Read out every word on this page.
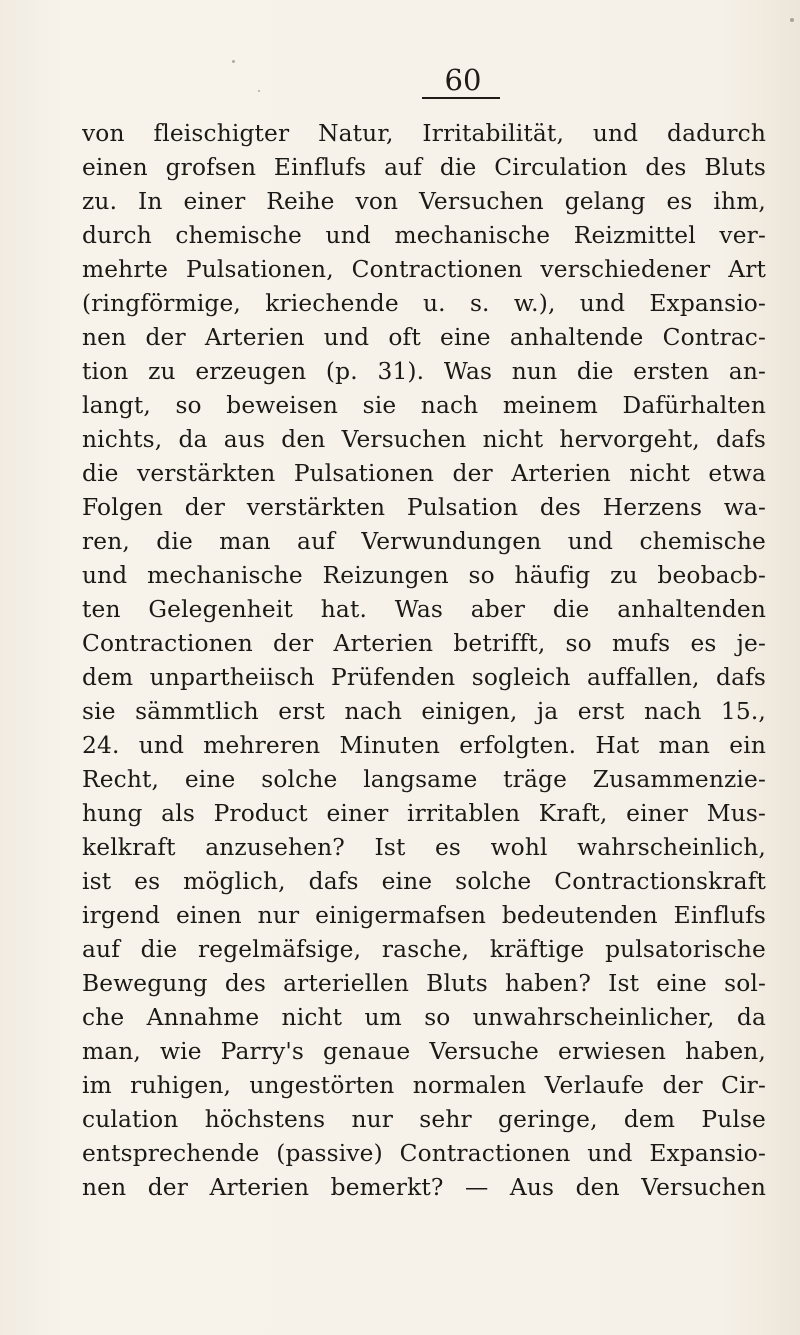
60
von fleischigter Natur, Irritabilität, und dadurch
einen grofsen Einflufs auf die Circulation des Bluts
zu. In einer Reihe von Versuchen gelang es ihm,
durch chemische und mechanische Reizmittel ver-
mehrte Pulsationen, Contractionen verschiedener Art
(ringförmige, kriechende u. s. w.), und Expansio-
nen der Arterien und oft eine anhaltende Contrac-
tion zu erzeugen (p. 31). Was nun die ersten an-
langt, so beweisen sie nach meinem Dafürhalten
nichts, da aus den Versuchen nicht hervorgeht, dafs
die verstärkten Pulsationen der Arterien nicht etwa
Folgen der verstärkten Pulsation des Herzens wa-
ren, die man auf Verwundungen und chemische
und mechanische Reizungen so häufig zu beobacb-
ten Gelegenheit hat. Was aber die anhaltenden
Contractionen der Arterien betrifft, so mufs es je-
dem unpartheiisch Prüfenden sogleich auffallen, dafs
sie sämmtlich erst nach einigen, ja erst nach 15.,
24. und mehreren Minuten erfolgten. Hat man ein
Recht, eine solche langsame träge Zusammenzie-
hung als Product einer irritablen Kraft, einer Mus-
kelkraft anzusehen? Ist es wohl wahrscheinlich,
ist es möglich, dafs eine solche Contractionskraft
irgend einen nur einigermafsen bedeutenden Einflufs
auf die regelmäfsige, rasche, kräftige pulsatorische
Bewegung des arteriellen Bluts haben? Ist eine sol-
che Annahme nicht um so unwahrscheinlicher, da
man, wie Parry's genaue Versuche erwiesen haben,
im ruhigen, ungestörten normalen Verlaufe der Cir-
culation höchstens nur sehr geringe, dem Pulse
entsprechende (passive) Contractionen und Expansio-
nen der Arterien bemerkt? — Aus den Versuchen
